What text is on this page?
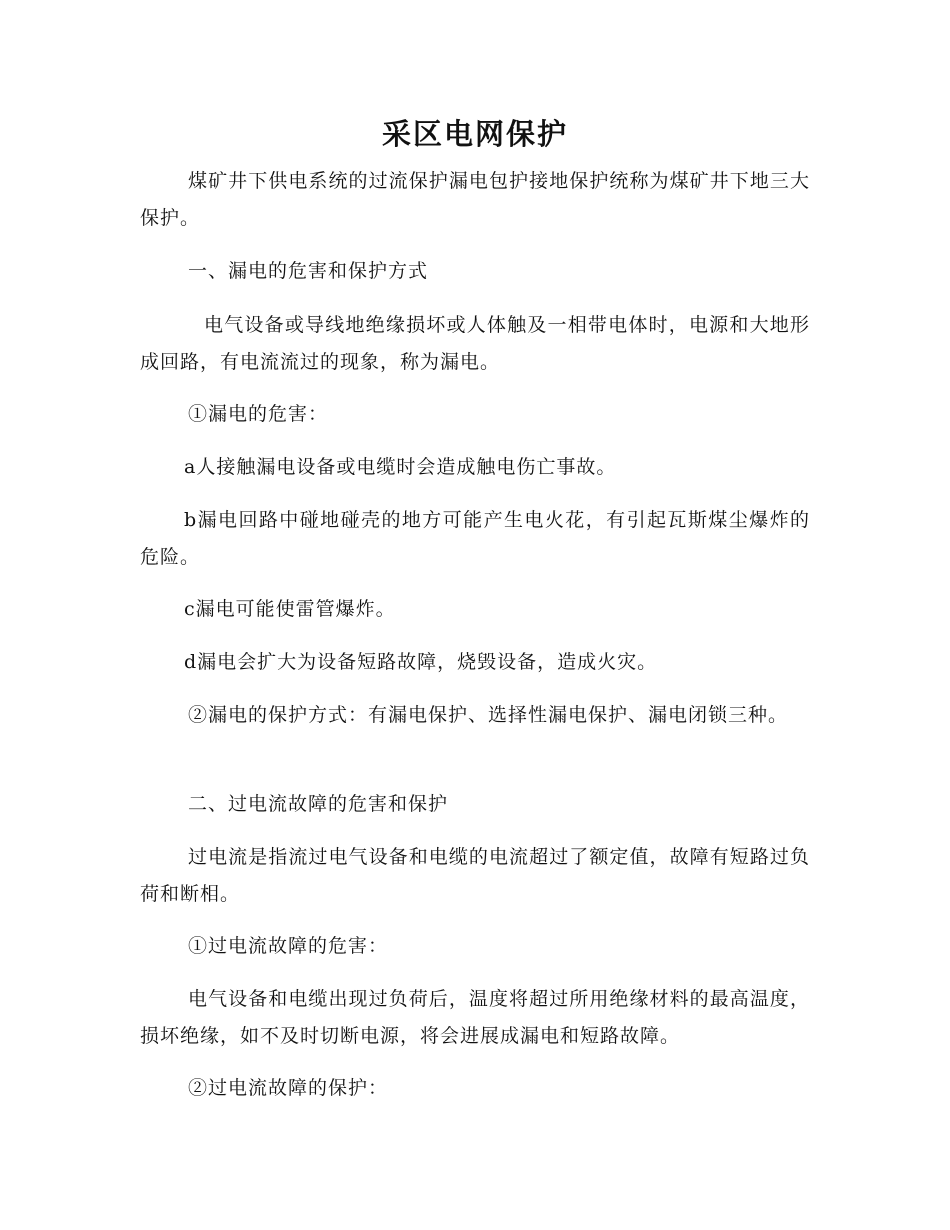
采区电网保护
煤矿井下供电系统的过流保护漏电包护接地保护统称为煤矿井下地三大保护。
一、漏电的危害和保护方式
电气设备或导线地绝缘损坏或人体触及一相带电体时，电源和大地形成回路，有电流流过的现象，称为漏电。
①漏电的危害：
a人接触漏电设备或电缆时会造成触电伤亡事故。
b漏电回路中碰地碰壳的地方可能产生电火花，有引起瓦斯煤尘爆炸的危险。
c漏电可能使雷管爆炸。
d漏电会扩大为设备短路故障，烧毁设备，造成火灾。
②漏电的保护方式：有漏电保护、选择性漏电保护、漏电闭锁三种。
二、过电流故障的危害和保护
过电流是指流过电气设备和电缆的电流超过了额定值，故障有短路过负荷和断相。
①过电流故障的危害：
电气设备和电缆出现过负荷后，温度将超过所用绝缘材料的最高温度，损坏绝缘，如不及时切断电源，将会进展成漏电和短路故障。
②过电流故障的保护：
